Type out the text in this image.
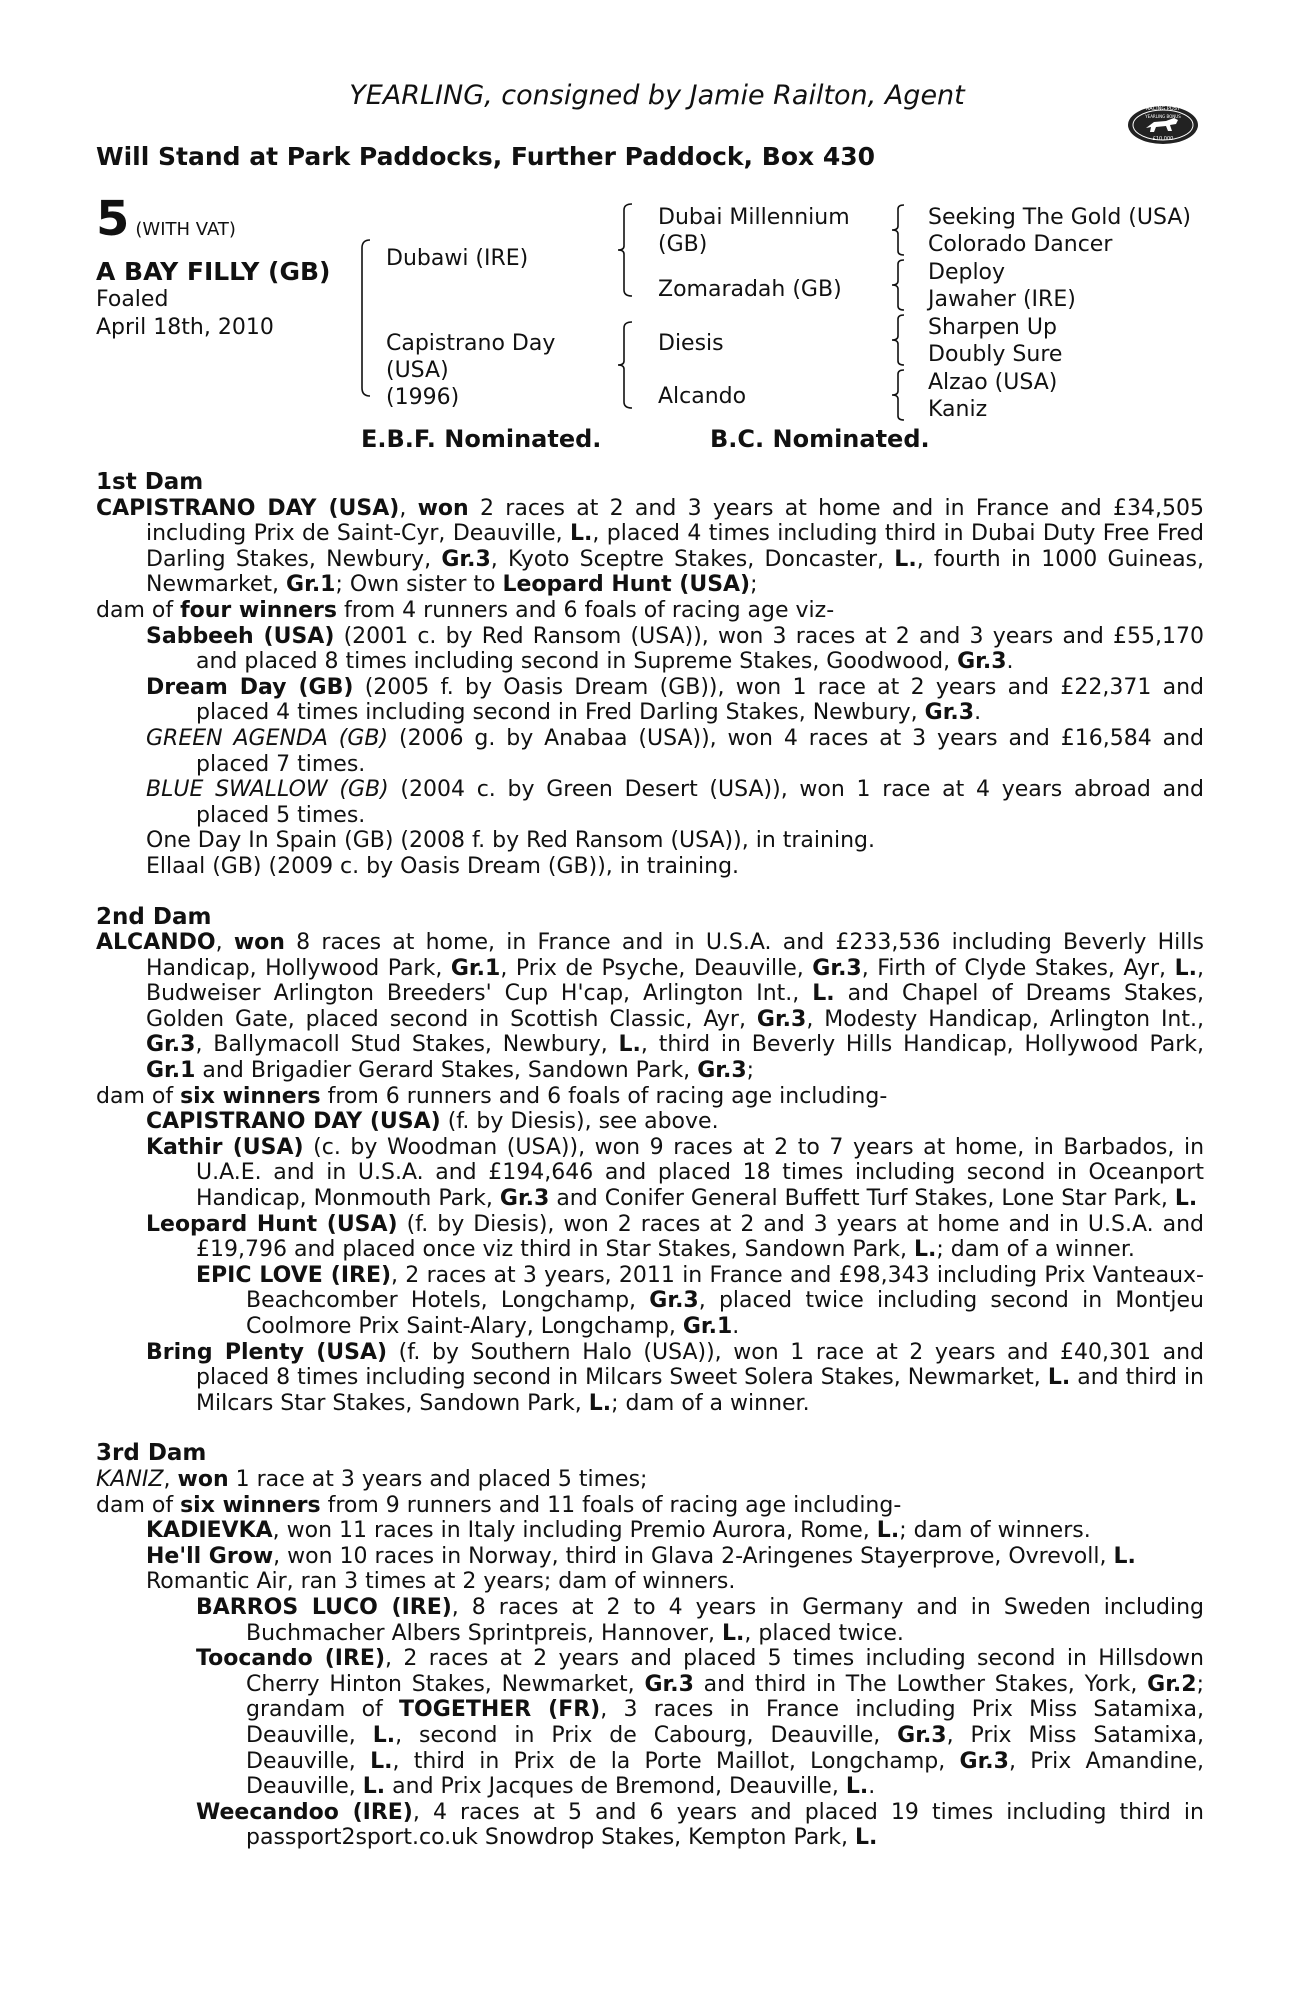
YEARLING, consigned by Jamie Railton, Agent
Will Stand at Park Paddocks, Further Paddock, Box 430
RACING POST
YEARLING BONUS
£10,000
5 (WITH VAT)
A BAY FILLY (GB)
Foaled
April 18th, 2010
Dubawi (IRE)
Capistrano Day
(USA)
(1996)
Dubai Millennium
(GB)
Zomaradah (GB)
Diesis
Alcando
Seeking The Gold (USA)
Colorado Dancer
Deploy
Jawaher (IRE)
Sharpen Up
Doubly Sure
Alzao (USA)
Kaniz
E.B.F. Nominated.	B.C. Nominated.

1st Dam

CAPISTRANO DAY (USA), won 2 races at 2 and 3 years at home and in France and £34,505 including Prix de Saint-Cyr, Deauville, L., placed 4 times including third in Dubai Duty Free Fred Darling Stakes, Newbury, Gr.3, Kyoto Sceptre Stakes, Doncaster, L., fourth in 1000 Guineas, Newmarket, Gr.1; Own sister to Leopard Hunt (USA);

dam of four winners from 4 runners and 6 foals of racing age viz-

Sabbeeh (USA) (2001 c. by Red Ransom (USA)), won 3 races at 2 and 3 years and £55,170 and placed 8 times including second in Supreme Stakes, Goodwood, Gr.3.

Dream Day (GB) (2005 f. by Oasis Dream (GB)), won 1 race at 2 years and £22,371 and placed 4 times including second in Fred Darling Stakes, Newbury, Gr.3.

GREEN AGENDA (GB) (2006 g. by Anabaa (USA)), won 4 races at 3 years and £16,584 and placed 7 times.

BLUE SWALLOW (GB) (2004 c. by Green Desert (USA)), won 1 race at 4 years abroad and placed 5 times.

One Day In Spain (GB) (2008 f. by Red Ransom (USA)), in training.

Ellaal (GB) (2009 c. by Oasis Dream (GB)), in training.

2nd Dam

ALCANDO, won 8 races at home, in France and in U.S.A. and £233,536 including Beverly Hills Handicap, Hollywood Park, Gr.1, Prix de Psyche, Deauville, Gr.3, Firth of Clyde Stakes, Ayr, L., Budweiser Arlington Breeders' Cup H'cap, Arlington Int., L. and Chapel of Dreams Stakes, Golden Gate, placed second in Scottish Classic, Ayr, Gr.3, Modesty Handicap, Arlington Int., Gr.3, Ballymacoll Stud Stakes, Newbury, L., third in Beverly Hills Handicap, Hollywood Park, Gr.1 and Brigadier Gerard Stakes, Sandown Park, Gr.3;

dam of six winners from 6 runners and 6 foals of racing age including-

CAPISTRANO DAY (USA) (f. by Diesis), see above.

Kathir (USA) (c. by Woodman (USA)), won 9 races at 2 to 7 years at home, in Barbados, in U.A.E. and in U.S.A. and £194,646 and placed 18 times including second in Oceanport Handicap, Monmouth Park, Gr.3 and Conifer General Buffett Turf Stakes, Lone Star Park, L.

Leopard Hunt (USA) (f. by Diesis), won 2 races at 2 and 3 years at home and in U.S.A. and £19,796 and placed once viz third in Star Stakes, Sandown Park, L.; dam of a winner.

EPIC LOVE (IRE), 2 races at 3 years, 2011 in France and £98,343 including Prix Vanteaux-Beachcomber Hotels, Longchamp, Gr.3, placed twice including second in Montjeu Coolmore Prix Saint-Alary, Longchamp, Gr.1.

Bring Plenty (USA) (f. by Southern Halo (USA)), won 1 race at 2 years and £40,301 and placed 8 times including second in Milcars Sweet Solera Stakes, Newmarket, L. and third in Milcars Star Stakes, Sandown Park, L.; dam of a winner.

3rd Dam

KANIZ, won 1 race at 3 years and placed 5 times;

dam of six winners from 9 runners and 11 foals of racing age including-

KADIEVKA, won 11 races in Italy including Premio Aurora, Rome, L.; dam of winners.

He'll Grow, won 10 races in Norway, third in Glava 2-Aringenes Stayerprove, Ovrevoll, L.

Romantic Air, ran 3 times at 2 years; dam of winners.

BARROS LUCO (IRE), 8 races at 2 to 4 years in Germany and in Sweden including Buchmacher Albers Sprintpreis, Hannover, L., placed twice.

Toocando (IRE), 2 races at 2 years and placed 5 times including second in Hillsdown Cherry Hinton Stakes, Newmarket, Gr.3 and third in The Lowther Stakes, York, Gr.2; grandam of TOGETHER (FR), 3 races in France including Prix Miss Satamixa, Deauville, L., second in Prix de Cabourg, Deauville, Gr.3, Prix Miss Satamixa, Deauville, L., third in Prix de la Porte Maillot, Longchamp, Gr.3, Prix Amandine, Deauville, L. and Prix Jacques de Bremond, Deauville, L..

Weecandoo (IRE), 4 races at 5 and 6 years and placed 19 times including third in passport2sport.co.uk Snowdrop Stakes, Kempton Park, L.
